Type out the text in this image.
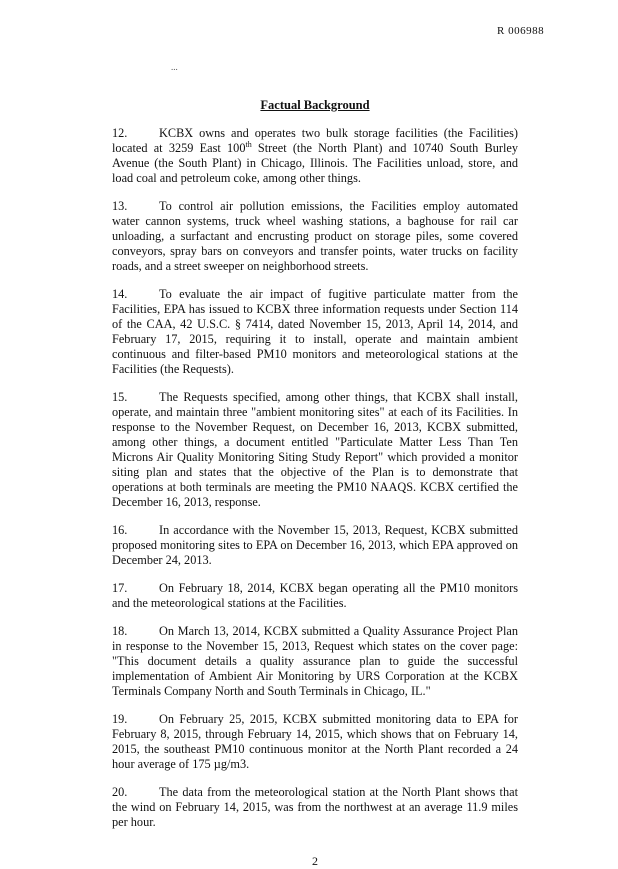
R 006988
...
Factual Background
12.	KCBX owns and operates two bulk storage facilities (the Facilities) located at 3259 East 100th Street (the North Plant) and 10740 South Burley Avenue (the South Plant) in Chicago, Illinois. The Facilities unload, store, and load coal and petroleum coke, among other things.
13.	To control air pollution emissions, the Facilities employ automated water cannon systems, truck wheel washing stations, a baghouse for rail car unloading, a surfactant and encrusting product on storage piles, some covered conveyors, spray bars on conveyors and transfer points, water trucks on facility roads, and a street sweeper on neighborhood streets.
14.	To evaluate the air impact of fugitive particulate matter from the Facilities, EPA has issued to KCBX three information requests under Section 114 of the CAA, 42 U.S.C. § 7414, dated November 15, 2013, April 14, 2014, and February 17, 2015, requiring it to install, operate and maintain ambient continuous and filter-based PM10 monitors and meteorological stations at the Facilities (the Requests).
15.	The Requests specified, among other things, that KCBX shall install, operate, and maintain three "ambient monitoring sites" at each of its Facilities. In response to the November Request, on December 16, 2013, KCBX submitted, among other things, a document entitled "Particulate Matter Less Than Ten Microns Air Quality Monitoring Siting Study Report" which provided a monitor siting plan and states that the objective of the Plan is to demonstrate that operations at both terminals are meeting the PM10 NAAQS. KCBX certified the December 16, 2013, response.
16.	In accordance with the November 15, 2013, Request, KCBX submitted proposed monitoring sites to EPA on December 16, 2013, which EPA approved on December 24, 2013.
17.	On February 18, 2014, KCBX began operating all the PM10 monitors and the meteorological stations at the Facilities.
18.	On March 13, 2014, KCBX submitted a Quality Assurance Project Plan in response to the November 15, 2013, Request which states on the cover page: "This document details a quality assurance plan to guide the successful implementation of Ambient Air Monitoring by URS Corporation at the KCBX Terminals Company North and South Terminals in Chicago, IL."
19.	On February 25, 2015, KCBX submitted monitoring data to EPA for February 8, 2015, through February 14, 2015, which shows that on February 14, 2015, the southeast PM10 continuous monitor at the North Plant recorded a 24 hour average of 175 µg/m3.
20.	The data from the meteorological station at the North Plant shows that the wind on February 14, 2015, was from the northwest at an average 11.9 miles per hour.
2
